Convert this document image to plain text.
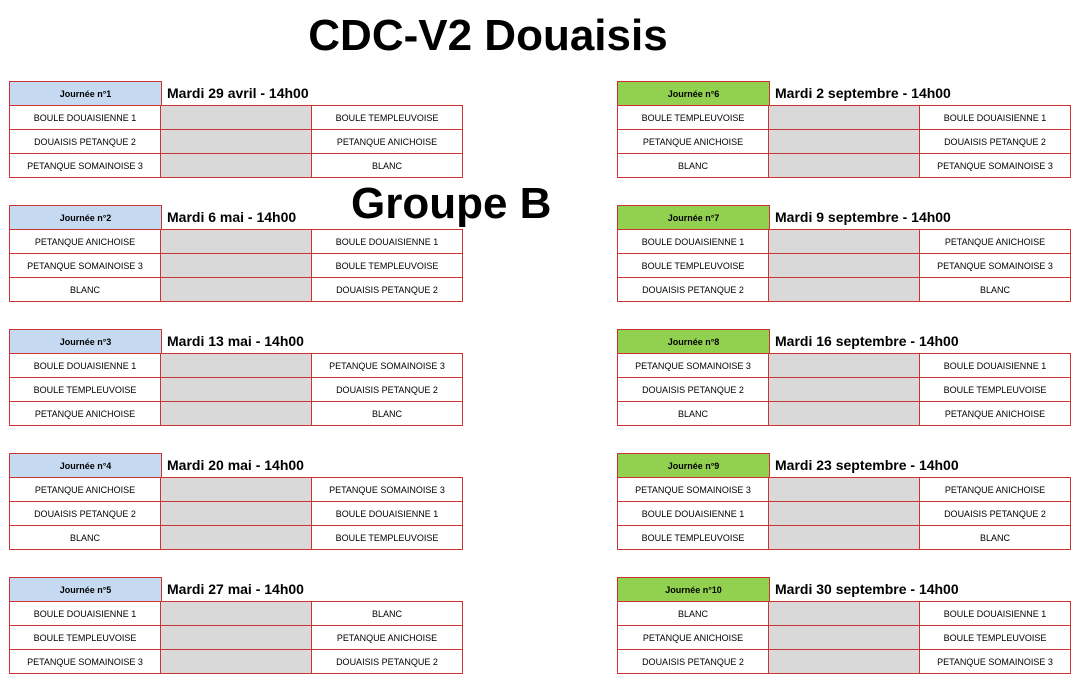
CDC-V2 Douaisis
Groupe B
Journée n°1	Mardi 29 avril - 14h00
BOULE DOUAISIENNE 1		BOULE TEMPLEUVOISE
DOUAISIS PETANQUE 2		PETANQUE ANICHOISE
PETANQUE SOMAINOISE 3		BLANC
Journée n°2	Mardi 6 mai - 14h00
PETANQUE ANICHOISE		BOULE DOUAISIENNE 1
PETANQUE SOMAINOISE 3		BOULE TEMPLEUVOISE
BLANC		DOUAISIS PETANQUE 2
Journée n°3	Mardi 13 mai - 14h00
BOULE DOUAISIENNE 1		PETANQUE SOMAINOISE 3
BOULE TEMPLEUVOISE		DOUAISIS PETANQUE 2
PETANQUE ANICHOISE		BLANC
Journée n°4	Mardi 20 mai - 14h00
PETANQUE ANICHOISE		PETANQUE SOMAINOISE 3
DOUAISIS PETANQUE 2		BOULE DOUAISIENNE 1
BLANC		BOULE TEMPLEUVOISE
Journée n°5	Mardi 27 mai - 14h00
BOULE DOUAISIENNE 1		BLANC
BOULE TEMPLEUVOISE		PETANQUE ANICHOISE
PETANQUE SOMAINOISE 3		DOUAISIS PETANQUE 2
Journée n°6	Mardi 2 septembre - 14h00
BOULE TEMPLEUVOISE		BOULE DOUAISIENNE 1
PETANQUE ANICHOISE		DOUAISIS PETANQUE 2
BLANC		PETANQUE SOMAINOISE 3
Journée n°7	Mardi 9 septembre - 14h00
BOULE DOUAISIENNE 1		PETANQUE ANICHOISE
BOULE TEMPLEUVOISE		PETANQUE SOMAINOISE 3
DOUAISIS PETANQUE 2		BLANC
Journée n°8	Mardi 16 septembre - 14h00
PETANQUE SOMAINOISE 3		BOULE DOUAISIENNE 1
DOUAISIS PETANQUE 2		BOULE TEMPLEUVOISE
BLANC		PETANQUE ANICHOISE
Journée n°9	Mardi 23 septembre - 14h00
PETANQUE SOMAINOISE 3		PETANQUE ANICHOISE
BOULE DOUAISIENNE 1		DOUAISIS PETANQUE 2
BOULE TEMPLEUVOISE		BLANC
Journée n°10	Mardi 30 septembre - 14h00
BLANC		BOULE DOUAISIENNE 1
PETANQUE ANICHOISE		BOULE TEMPLEUVOISE
DOUAISIS PETANQUE 2		PETANQUE SOMAINOISE 3
